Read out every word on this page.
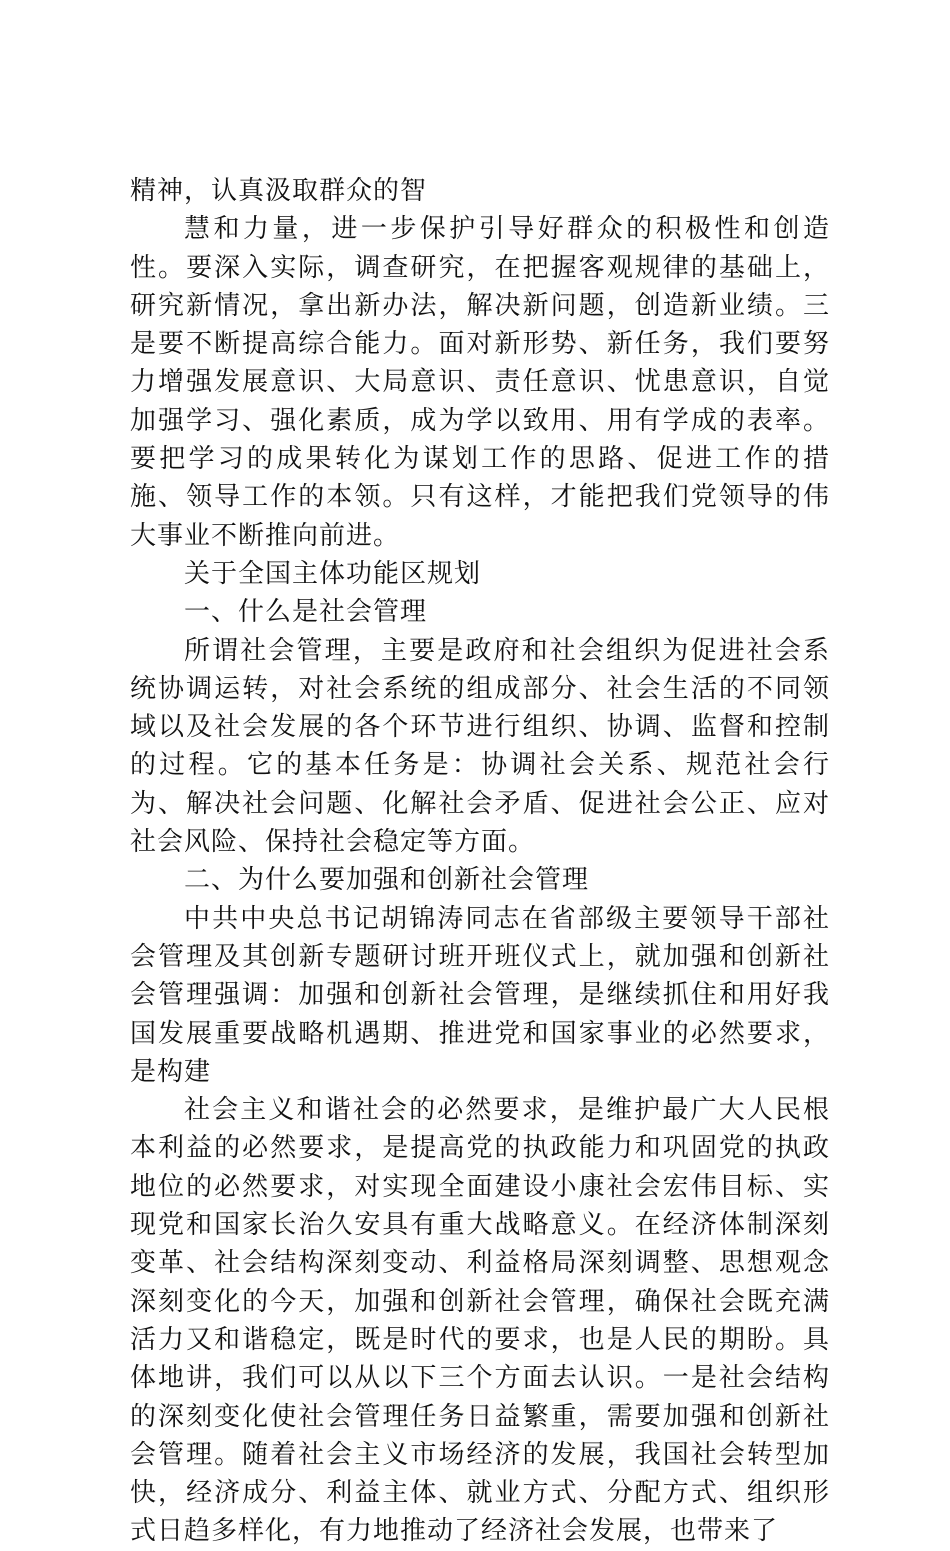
精神，认真汲取群众的智

慧和力量，进一步保护引导好群众的积极性和创造性。要深入实际，调查研究，在把握客观规律的基础上，研究新情况，拿出新办法，解决新问题，创造新业绩。三是要不断提高综合能力。面对新形势、新任务，我们要努力增强发展意识、大局意识、责任意识、忧患意识，自觉加强学习、强化素质，成为学以致用、用有学成的表率。要把学习的成果转化为谋划工作的思路、促进工作的措施、领导工作的本领。只有这样，才能把我们党领导的伟大事业不断推向前进。

关于全国主体功能区规划

一、什么是社会管理

所谓社会管理，主要是政府和社会组织为促进社会系统协调运转，对社会系统的组成部分、社会生活的不同领域以及社会发展的各个环节进行组织、协调、监督和控制的过程。它的基本任务是：协调社会关系、规范社会行为、解决社会问题、化解社会矛盾、促进社会公正、应对社会风险、保持社会稳定等方面。

二、为什么要加强和创新社会管理

中共中央总书记胡锦涛同志在省部级主要领导干部社会管理及其创新专题研讨班开班仪式上，就加强和创新社会管理强调：加强和创新社会管理，是继续抓住和用好我国发展重要战略机遇期、推进党和国家事业的必然要求，是构建

社会主义和谐社会的必然要求，是维护最广大人民根本利益的必然要求，是提高党的执政能力和巩固党的执政地位的必然要求，对实现全面建设小康社会宏伟目标、实现党和国家长治久安具有重大战略意义。在经济体制深刻变革、社会结构深刻变动、利益格局深刻调整、思想观念深刻变化的今天，加强和创新社会管理，确保社会既充满活力又和谐稳定，既是时代的要求，也是人民的期盼。具体地讲，我们可以从以下三个方面去认识。一是社会结构的深刻变化使社会管理任务日益繁重，需要加强和创新社会管理。随着社会主义市场经济的发展，我国社会转型加快，经济成分、利益主体、就业方式、分配方式、组织形式日趋多样化，有力地推动了经济社会发展，也带来了
